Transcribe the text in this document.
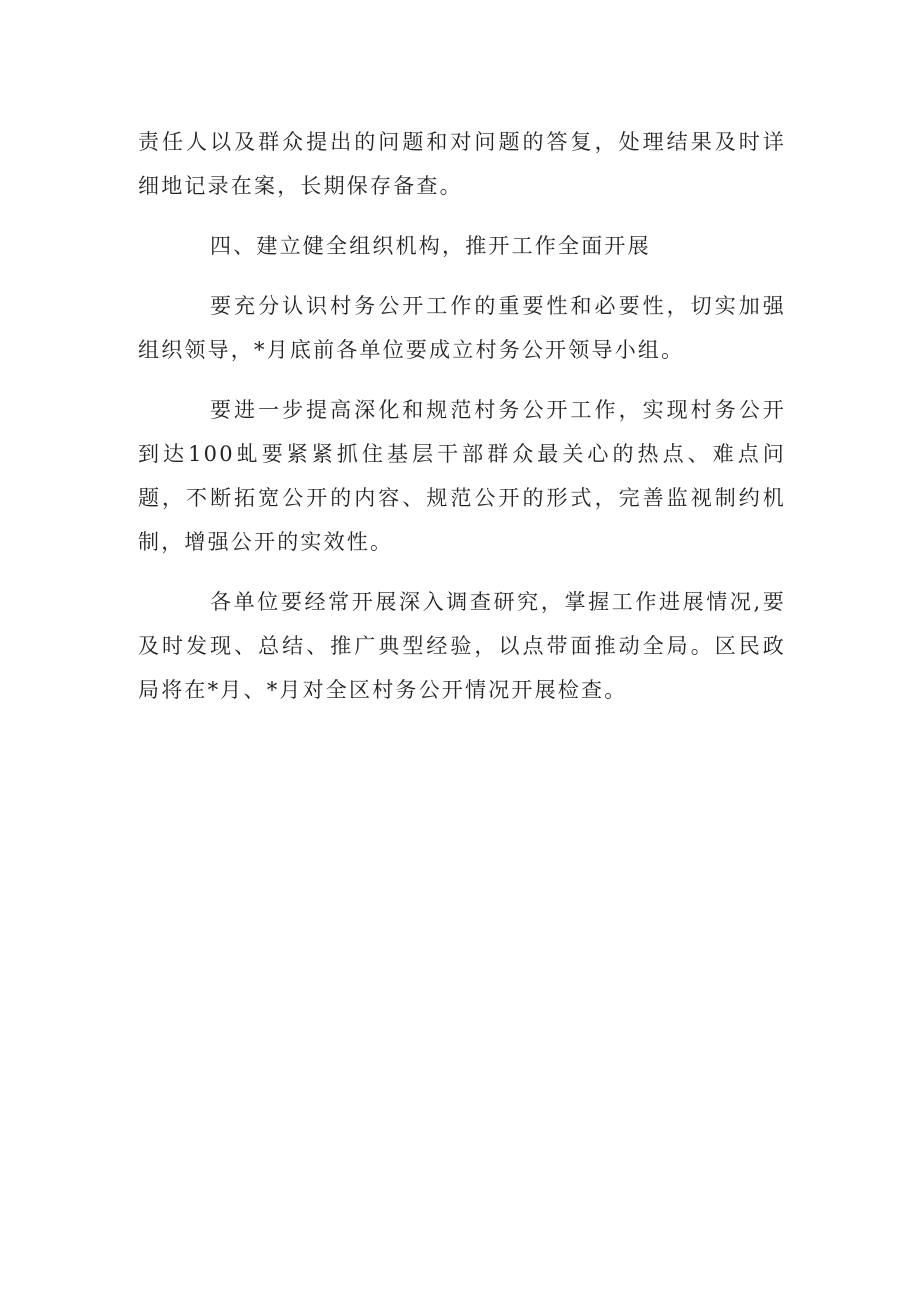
责任人以及群众提出的问题和对问题的答复，处理结果及时详细地记录在案，长期保存备查。

四、建立健全组织机构，推开工作全面开展

要充分认识村务公开工作的重要性和必要性，切实加强组织领导，*月底前各单位要成立村务公开领导小组。

要进一步提高深化和规范村务公开工作，实现村务公开到达100虬要紧紧抓住基层干部群众最关心的热点、难点问题，不断拓宽公开的内容、规范公开的形式，完善监视制约机制，增强公开的实效性。

各单位要经常开展深入调查研究，掌握工作进展情况,要及时发现、总结、推广典型经验，以点带面推动全局。区民政局将在*月、*月对全区村务公开情况开展检查。
